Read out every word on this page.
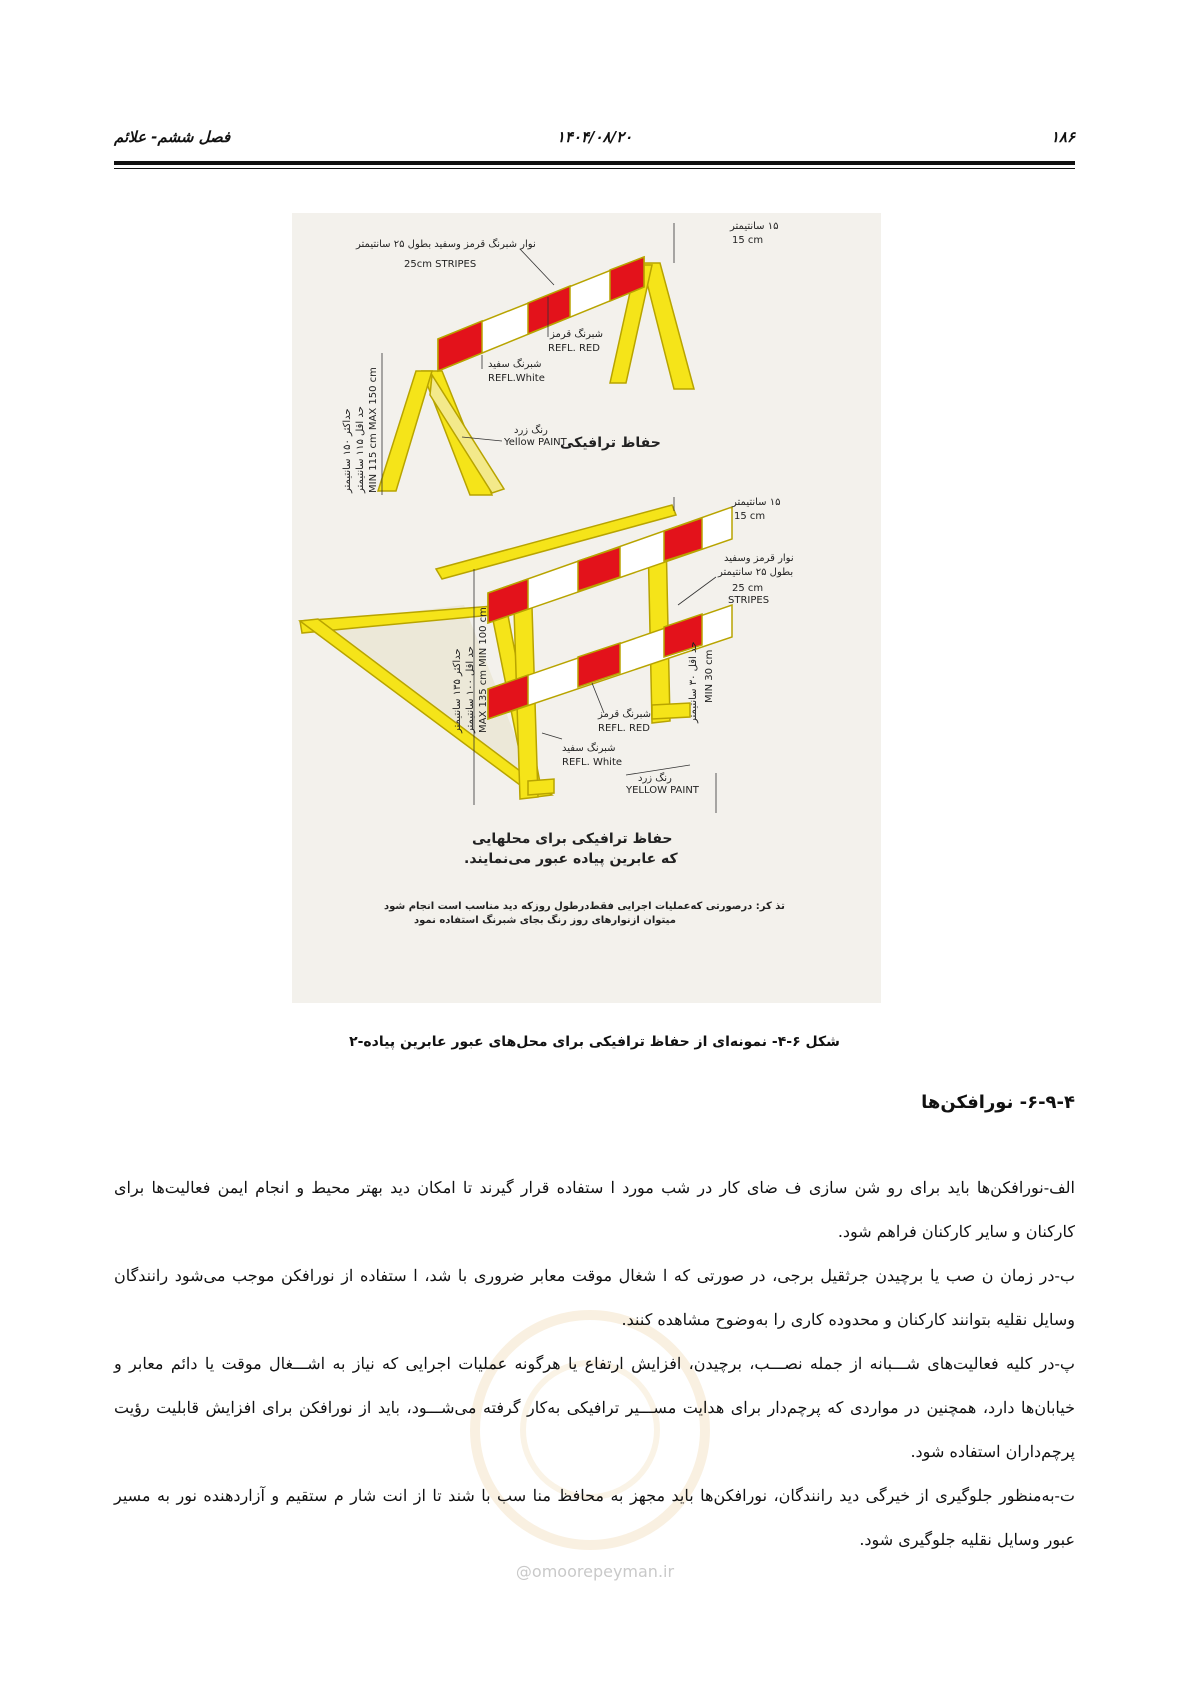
۱۸۶
۱۴۰۴/۰۸/۲۰
فصل ششم- علائم
۱۵ سانتیمتر
15 cm
نوار شبرنگ قرمز وسفید بطول ۲۵ سانتیمتر
25cm STRIPES
شبرنگ قرمز
REFL. RED
شبرنگ سفید
REFL.White
رنگ زرد
Yellow PAINT
حفاظ ترافیکی
حداکثر ۱۵۰ سانتیمتر
حد اقل ۱۱۵ سانتیمتر MIN 115 cm MAX 150 cm
۱۵ سانتیمتر
15 cm
نوار قرمز وسفید
بطول ۲۵ سانتیمتر
25 cm
STRIPES
حد اقل ۳۰ سانتیمتر MIN 30 cm
حداکثر ۱۳۵ سانتیمتر
حد اقل ۱۰۰ سانتیمتر MAX 135 cm MIN 100 cm	شبرنگ قرمز
REFL. RED
شبرنگ سفید
REFL. White
رنگ زرد
YELLOW PAINT
حفاظ ترافیکی برای محلهایی
که عابرین پیاده عبور می‌نمایند.
تذ کر: درصورتی که‌عملیات اجرایی فقط‌درطول روزکه دید مناسب است انجام شود
میتوان ازنوارهای روز رنگ بجای شبرنگ استفاده نمود
شکل ۶-۴- نمونه‌ای از حفاظ ترافیکی برای محل‌های عبور عابرین پیاده-۲
۶-۹-۴- نورافکن‌ها

الف-نورافکن‌ها باید برای رو شن سازی ف ضای کار در شب مورد ا ستفاده قرار گیرند تا امکان دید بهتر محیط و انجام ایمن فعالیت‌ها برای کارکنان و سایر کارکنان فراهم شود.

ب-در زمان ن صب یا برچیدن جرثقیل برجی، در صورتی که ا شغال موقت معابر ضروری با شد، ا ستفاده از نورافکن موجب می‌شود رانندگان وسایل نقلیه بتوانند کارکنان و محدوده کاری را به‌وضوح مشاهده کنند.

پ-در کلیه فعالیت‌های شـــبانه از جمله نصـــب، برچیدن، افزایش ارتفاع یا هرگونه عملیات اجرایی که نیاز به اشـــغال موقت یا دائم معابر و خیابان‌ها دارد، همچنین در مواردی که پرچم‌دار برای هدایت مســـیر ترافیکی به‌کار گرفته می‌شـــود، باید از نورافکن برای افزایش قابلیت رؤیت پرچم‌داران استفاده شود.

ت-به‌منظور جلوگیری از خیرگی دید رانندگان، نورافکن‌ها باید مجهز به محافظ منا سب با شند تا از انت شار م ستقیم و آزاردهنده نور به مسیر عبور وسایل نقلیه جلوگیری شود.

@omoorepeyman.ir
